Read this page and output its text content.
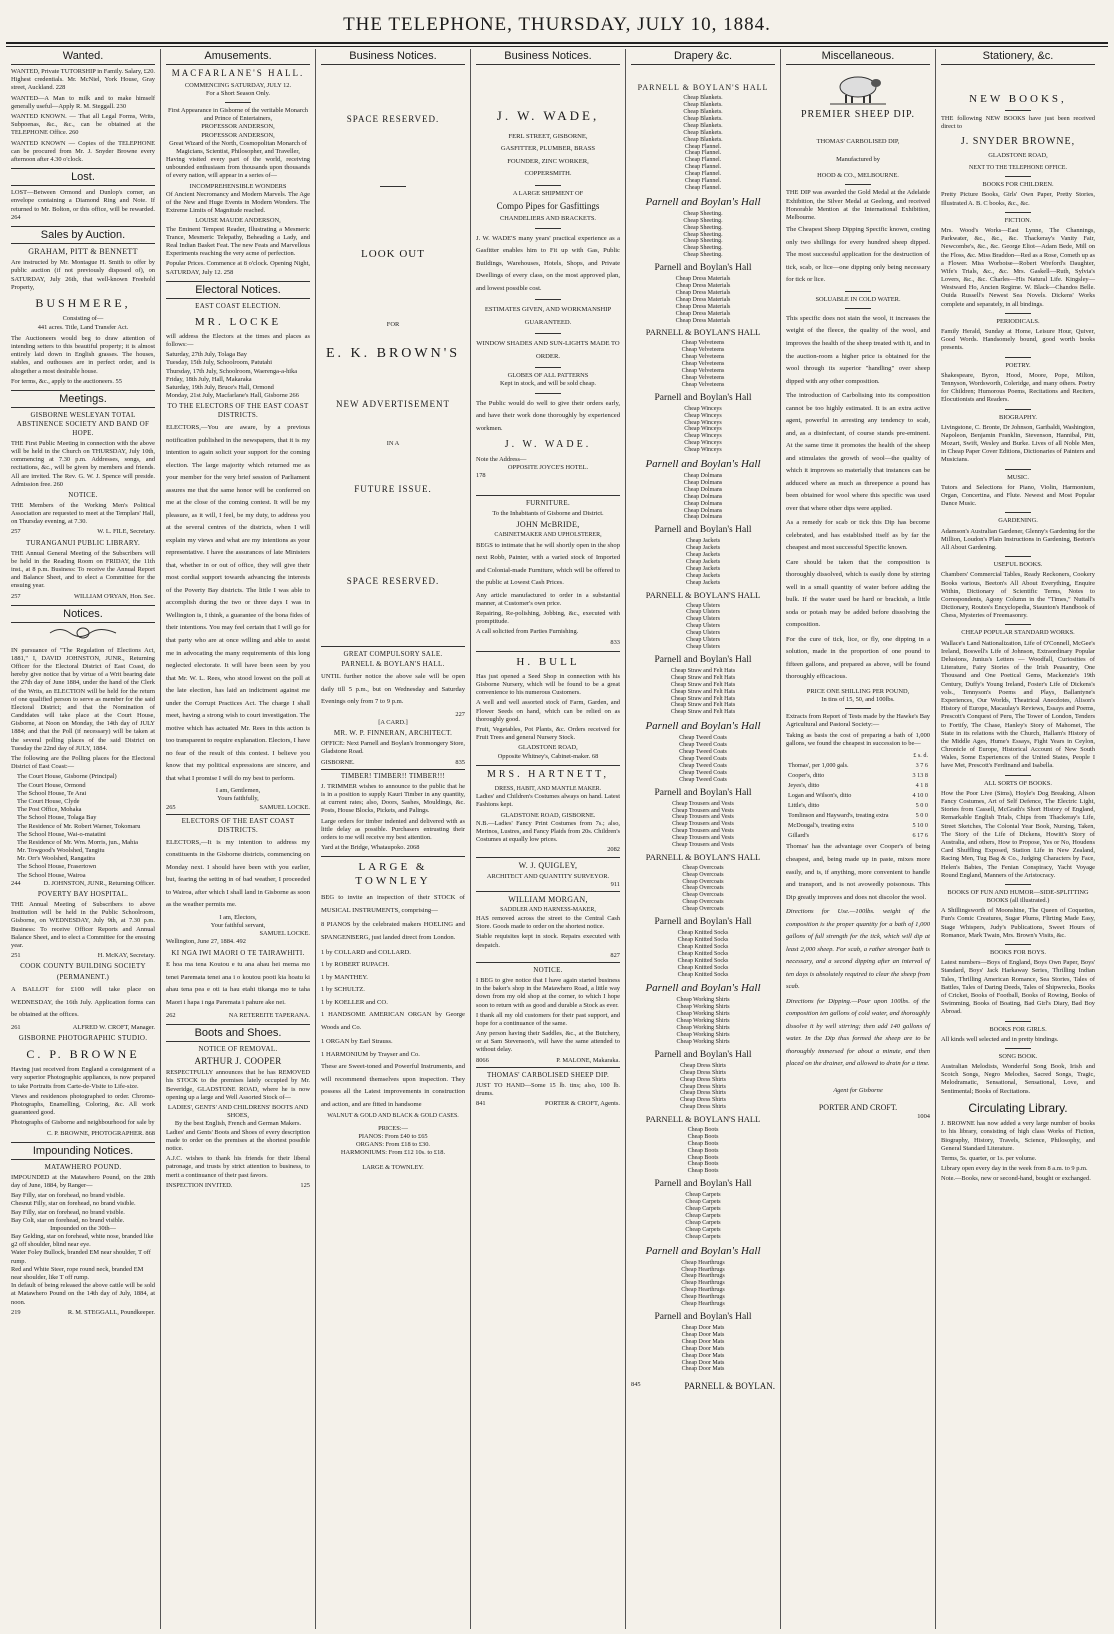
THE TELEPHONE, THURSDAY, JULY 10, 1884.
Wanted.
WANTED, Private TUTORSHIP in Family. Salary, £20. Highest credentials. Mr. McNiel, York House, Gray street, Auckland. 228
WANTED—A Man to milk and to make himself generally useful—Apply R. M. Steggall. 230
WANTED KNOWN. — That all Legal Forms, Writs, Subpoenas, &c., &c., can be obtained at the TELEPHONE Office. 260
WANTED KNOWN — Copies of the TELEPHONE can be procured from Mr. J. Snyder Browne every afternoon after 4.30 o'clock.
Lost.
LOST—Between Ormond and Dunlop's corner, an envelope containing a Diamond Ring and Note. If returned to Mr. Bolton, or this office, will be rewarded. 264
Sales by Auction.
GRAHAM, PITT & BENNETT
Are instructed by Mr. Montague H. Smith to offer by public auction (if not previously disposed of), on SATURDAY, July 26th, that well-known Freehold Property,
BUSHMERE,
Consisting of—
441 acres. Title, Land Transfer Act.
The Auctioneers would beg to draw attention of intending setters to this beautiful property; it is almost entirely laid down in English grasses. The houses, stables, and outhouses are in perfect order, and is altogether a most desirable house.
For terms, &c., apply to the auctioneers. 55
Meetings.
GISBORNE WESLEYAN TOTAL ABSTINENCE SOCIETY AND BAND OF HOPE.
THE First Public Meeting in connection with the above will be held in the Church on THURSDAY, July 10th, commencing at 7.30 p.m. Addresses, songs, and recitations, &c., will be given by members and friends. All are invited. The Rev. G. W. J. Spence will preside. Admission free. 260
NOTICE.
THE Members of the Working Men's Political Association are requested to meet at the Templars' Hall, on Thursday evening, at 7.30.
257	W. L. FILE, Secretary.
TURANGANUI PUBLIC LIBRARY.
THE Annual General Meeting of the Subscribers will be held in the Reading Room on FRIDAY, the 11th inst., at 8 p.m. Business: To receive the Annual Report and Balance Sheet, and to elect a Committee for the ensuing year.
257	WILLIAM O'RYAN, Hon. Sec.
Notices.
IN pursuance of "The Regulation of Elections Act, 1881," I, DAVID JOHNSTON, JUNR., Returning Officer for the Electoral District of East Coast, do hereby give notice that by virtue of a Writ bearing date the 27th day of June 1884, under the hand of the Clerk of the Writs, an ELECTION will be held for the return of one qualified person to serve as member for the said Electoral District; and that the Nomination of Candidates will take place at the Court House, Gisborne, at Noon on Monday, the 14th day of JULY 1884; and that the Poll (if necessary) will be taken at the several polling places of the said District on Tuesday the 22nd day of JULY, 1884.
The following are the Polling places for the Electoral District of East Coast:—
The Court House, Gisborne (Principal)
The Court House, Ormond
The School House, Te Arai
The Court House, Clyde
The Post Office, Mohaka
The School House, Tolaga Bay
The Residence of Mr. Robert Warner, Tokomaru
The School House, Wai-o-matatini
The Residence of Mr. Wm. Morris, jun., Mahia
Mr. Towgood's Woolshed, Tangitu
Mr. Orr's Woolshed, Rangatira
The School House, Frasertown
The School House, Wairoa
244	D. JOHNSTON, JUNR., Returning Officer.
POVERTY BAY HOSPITAL.
THE Annual Meeting of Subscribers to above Institution will be held in the Public Schoolroom, Gisborne, on WEDNESDAY, July 9th, at 7.30 p.m. Business: To receive Officer Reports and Annual Balance Sheet, and to elect a Committee for the ensuing year.
251	H. McKAY, Secretary.
COOK COUNTY BUILDING SOCIETY
(PERMANENT.)
A BALLOT for £100 will take place on WEDNESDAY, the 16th July. Application forms can be obtained at the offices.
261	ALFRED W. CROFT, Manager.
GISBORNE PHOTOGRAPHIC STUDIO.
C. P. BROWNE
Having just received from England a consignment of a very superior Photographic appliances, is now prepared to take Portraits from Carte-de-Visite to Life-size.
Views and residences photographed to order. Chromo-Photographs, Enamelling, Coloring, &c. All work guaranteed good.
Photographs of Gisborne and neighbourhood for sale by
C. P. BROWNE, PHOTOGRAPHER. 868
Impounding Notices.
MATAWHERO POUND.
IMPOUNDED at the Matawhero Pound, on the 28th day of June, 1884, by Ranger—
Bay Filly, star on forehead, no brand visible.
Chesnut Filly, star on forehead, no brand visible.
Bay Filly, star on forehead, no brand visible.
Bay Colt, star on forehead, no brand visible.
Impounded on the 30th—
Bay Gelding, star on forehead, white nose, branded like g2 off shoulder, blind near eye.
Water Foley Bullock, branded EM near shoulder, T off rump.
Red and White Steer, rope round neck, branded EM near shoulder, like T off rump.
In default of being released the above cattle will be sold at Matawhero Pound on the 14th day of July, 1884, at noon.
219	R. M. STEGGALL, Poundkeeper.
Amusements.
MACFARLANE'S HALL.
COMMENCING SATURDAY, JULY 12.
For a Short Season Only.
First Appearance in Gisborne of the veritable Monarch and Prince of Entertainers,
PROFESSOR ANDERSON,
PROFESSOR ANDERSON,
Great Wizard of the North, Cosmopolitan Monarch of Magicians, Scientist, Philosopher, and Traveller,
Having visited every part of the world, receiving unbounded enthusiasm from thousands upon thousands of every nation, will appear in a series of—
INCOMPREHENSIBLE WONDERS
Of Ancient Necromancy and Modern Marvels. The Age of the New and Huge Events in Modern Wonders. The Extreme Limits of Magnitude reached.
LOUISE MAUDE ANDERSON,
The Eminent Tempest Reader, Illustrating a Mesmeric Trance, Mesmeric Telepathy, Beheading a Lady, and Real Indian Basket Feat. The new Feats and Marvellous Experiments reaching the very acme of perfection.
Popular Prices. Commence at 8 o'clock. Opening Night, SATURDAY, July 12. 258
Electoral Notices.
EAST COAST ELECTION.
MR. LOCKE
will address the Electors at the times and places as follows:—
Saturday, 27th July, Tolaga Bay
Tuesday, 15th July, Schoolroom, Patutahi
Thursday, 17th July, Schoolroom, Waerenga-a-hika
Friday, 18th July, Hall, Makaraka
Saturday, 19th July, Bruce's Hall, Ormond
Monday, 21st July, Macfarlane's Hall, Gisborne 266
TO THE ELECTORS OF THE EAST COAST DISTRICTS.
ELECTORS,—You are aware, by a previous notification published in the newspapers, that it is my intention to again solicit your support for the coming election. The large majority which returned me as your member for the very brief session of Parliament assures me that the same honor will be conferred on me at the close of the coming contest. It will be my pleasure, as it will, I feel, be my duty, to address you at the several centres of the districts, when I will explain my views and what are my intentions as your representative. I have the assurances of late Ministers that, whether in or out of office, they will give their most cordial support towards advancing the interests of the Poverty Bay districts. The little I was able to accomplish during the two or three days I was in Wellington is, I think, a guarantee of the bona fides of their intentions. You may feel certain that I will go for that party who are at once willing and able to assist me in advocating the many requirements of this long neglected electorate. It will have been seen by you that Mr. W. L. Rees, who stood lowest on the poll at the late election, has laid an indictment against me under the Corrupt Practices Act. The charge I shall meet, having a strong wish to court investigation. The motive which has actuated Mr. Rees in this action is too transparent to require explanation. Electors, I have no fear of the result of this contest. I believe you know that my political expressions are sincere, and that what I promise I will do my best to perform.
I am, Gentlemen,
Yours faithfully,
265	SAMUEL LOCKE.
ELECTORS OF THE EAST COAST DISTRICTS.
ELECTORS,—It is my intention to address my constituents in the Gisborne districts, commencing on Monday next. I should have been with you earlier, but, fearing the setting in of bad weather, I proceeded to Wairoa, after which I shall land in Gisborne as soon as the weather permits me.
I am, Electors,
Your faithful servant,
SAMUEL LOCKE.
Wellington, June 27, 1884. 492
KI NGA IWI MAORI O TE TAIRAWHITI.
E hoa ma tena Koutou e tu ana ahau hei mema mo tenei Paremata tenei ana i o koutou pooti kia hoatu ki ahau tena pea e oti ia hau etahi tikanga mo te taha Maori i hapa i nga Paremata i pahure ake nei.
262	NA RETEREITE TAPERANA.
Boots and Shoes.
NOTICE OF REMOVAL.
ARTHUR J. COOPER
RESPECTFULLY announces that he has REMOVED his STOCK to the premises lately occupied by Mr. Beveridge, GLADSTONE ROAD, where he is now opening up a large and Well Assorted Stock of—
LADIES', GENTS' AND CHILDRENS' BOOTS AND SHOES,
By the best English, French and German Makers.
Ladies' and Gents' Boots and Shoes of every description made to order on the premises at the shortest possible notice.
A.J.C. wishes to thank his friends for their liberal patronage, and trusts by strict attention to business, to merit a continuance of their past favors.
INSPECTION INVITED.	125
Business Notices.
SPACE RESERVED.
LOOK OUT
FOR
E. K. BROWN'S
NEW ADVERTISEMENT
IN A
FUTURE ISSUE.
SPACE RESERVED.
GREAT COMPULSORY SALE.
PARNELL & BOYLAN'S HALL.
UNTIL further notice the above sale will be open daily till 5 p.m., but on Wednesday and Saturday Evenings only from 7 to 9 p.m.
227
[A CARD.]
MR. W. P. FINNERAN, ARCHITECT.
OFFICE: Next Parnell and Boylan's Ironmongery Store, Gladstone Road.
GISBORNE.	835
TIMBER! TIMBER!! TIMBER!!!
J. TRIMMER wishes to announce to the public that he is in a position to supply Kauri Timber in any quantity, at current rates; also, Doors, Sashes, Mouldings, &c. Posts, House Blocks, Pickets, and Palings.
Large orders for timber indented and delivered with as little delay as possible. Purchasers entrusting their orders to me will receive my best attention.
Yard at the Bridge, Whataupoko. 2068
LARGE & TOWNLEY
BEG to invite an inspection of their STOCK of MUSICAL INSTRUMENTS, comprising—
8 PIANOS by the celebrated makers HOELING and SPANGENBERG, just landed direct from London.
1 by COLLARD and COLLARD.
1 by ROBERT RUPACH.
1 by MANTHEY.
1 by SCHULTZ.
1 by KOELLER and CO.
1 HANDSOME AMERICAN ORGAN by George Woods and Co.
1 ORGAN by Earl Strauss.
1 HARMONIUM by Trayser and Co.
These are Sweet-toned and Powerful Instruments, and will recommend themselves upon inspection. They possess all the Latest improvements in construction and action, and are fitted in handsome
WALNUT & GOLD AND BLACK & GOLD CASES.
PRICES:—
PIANOS: From £40 to £65
ORGANS: From £18 to £30.
HARMONIUMS: From £12 10s. to £18.
LARGE & TOWNLEY.
Business Notices.
J. W. WADE,
FERL STREET, GISBORNE,
GASFITTER, PLUMBER, BRASS
FOUNDER, ZINC WORKER,
COPPERSMITH.
A LARGE SHIPMENT OF
Compo Pipes for Gasfittings
CHANDELIERS AND BRACKETS.
J. W. WADE'S many years' practical experience as a Gasfitter enables him to Fit up with Gas, Public Buildings, Warehouses, Hotels, Shops, and Private Dwellings of every class, on the most approved plan, and lowest possible cost.
ESTIMATES GIVEN, AND WORKMANSHIP GUARANTEED.
WINDOW SHADES AND SUN-LIGHTS MADE TO ORDER.
GLOBES OF ALL PATTERNS
Kept in stock, and will be sold cheap.
The Public would do well to give their orders early, and have their work done thoroughly by experienced workmen.
J. W. WADE.
Note the Address—
OPPOSITE JOYCE'S HOTEL.
178
FURNITURE.
To the Inhabitants of Gisborne and District.
JOHN McBRIDE,
CABINETMAKER AND UPHOLSTERER,
BEGS to intimate that he will shortly open in the shop next Robb, Painter, with a varied stock of Imported and Colonial-made Furniture, which will be offered to the public at Lowest Cash Prices.
Any article manufactured to order in a substantial manner, at Customer's own price.
Repairing, Re-polishing, Jobbing, &c., executed with promptitude.
A call solicited from Parties Furnishing.
833
H. BULL
Has just opened a Seed Shop in connection with his Gisborne Nursery, which will be found to be a great convenience to his numerous Customers.
A well and well assorted stock of Farm, Garden, and Flower Seeds on hand, which can be relied on as thoroughly good.
Fruit, Vegetables, Pot Plants, &c. Orders received for Fruit Trees and general Nursery Stock.
GLADSTONE ROAD,
Opposite Whitney's, Cabinet-maker. 68
MRS. HARTNETT,
DRESS, HABIT, AND MANTLE MAKER.
Ladies' and Children's Costumes always on hand. Latest Fashions kept.
GLADSTONE ROAD, GISBORNE.
N.B.—Ladies' Fancy Print Costumes from 7s.; also, Merinos, Lustres, and Fancy Plaids from 20s. Children's Costumes at equally low prices.
2082
W. J. QUIGLEY,
ARCHITECT AND QUANTITY SURVEYOR.
911
WILLIAM MORGAN,
SADDLER AND HARNESS-MAKER,
HAS removed across the street to the Central Cash Store. Goods made to order on the shortest notice.
Stable requisites kept in stock. Repairs executed with despatch.
827
NOTICE.
I BEG to give notice that I have again started business in the baker's shop in the Matawhero Road, a little way down from my old shop at the corner, to which I hope soon to return with as good and durable a Stock as ever.
I thank all my old customers for their past support, and hope for a continuance of the same.
Any person having their Saddles, &c., at the Butchery, or at Sam Stevenson's, will have the same attended to without delay.
8066	P. MALONE, Makaraka.
THOMAS' CARBOLISED SHEEP DIP.
JUST TO HAND—Some 15 lb. tins; also, 100 lb. drums.
841	PORTER & CROFT, Agents.
Drapery &c.
PARNELL & BOYLAN'S HALL
Cheap Blankets.
Cheap Blankets.
Cheap Blankets.
Cheap Blankets.
Cheap Blankets.
Cheap Blankets.
Cheap Blankets.
Cheap Flannel.
Cheap Flannel.
Cheap Flannel.
Cheap Flannel.
Cheap Flannel.
Cheap Flannel.
Cheap Flannel.
Parnell and Boylan's Hall
Cheap Sheeting.
Cheap Sheeting.
Cheap Sheeting.
Cheap Sheeting.
Cheap Sheeting.
Cheap Sheeting.
Cheap Sheeting.
Parnell and Boylan's Hall
Cheap Dress Materials
Cheap Dress Materials
Cheap Dress Materials
Cheap Dress Materials
Cheap Dress Materials
Cheap Dress Materials
Cheap Dress Materials
PARNELL & BOYLAN'S HALL
Cheap Velveteens
Cheap Velveteens
Cheap Velveteens
Cheap Velveteens
Cheap Velveteens
Cheap Velveteens
Cheap Velveteens
Parnell and Boylan's Hall
Cheap Winceys
Cheap Winceys
Cheap Winceys
Cheap Winceys
Cheap Winceys
Cheap Winceys
Cheap Winceys
Parnell and Boylan's Hall
Cheap Dolmans
Cheap Dolmans
Cheap Dolmans
Cheap Dolmans
Cheap Dolmans
Cheap Dolmans
Cheap Dolmans
Parnell and Boylan's Hall
Cheap Jackets
Cheap Jackets
Cheap Jackets
Cheap Jackets
Cheap Jackets
Cheap Jackets
Cheap Jackets
PARNELL & BOYLAN'S HALL
Cheap Ulsters
Cheap Ulsters
Cheap Ulsters
Cheap Ulsters
Cheap Ulsters
Cheap Ulsters
Cheap Ulsters
Parnell and Boylan's Hall
Cheap Straw and Felt Hats
Cheap Straw and Felt Hats
Cheap Straw and Felt Hats
Cheap Straw and Felt Hats
Cheap Straw and Felt Hats
Cheap Straw and Felt Hats
Cheap Straw and Felt Hats
Parnell and Boylan's Hall
Cheap Tweed Coats
Cheap Tweed Coats
Cheap Tweed Coats
Cheap Tweed Coats
Cheap Tweed Coats
Cheap Tweed Coats
Cheap Tweed Coats
Parnell and Boylan's Hall
Cheap Trousers and Vests
Cheap Trousers and Vests
Cheap Trousers and Vests
Cheap Trousers and Vests
Cheap Trousers and Vests
Cheap Trousers and Vests
Cheap Trousers and Vests
PARNELL & BOYLAN'S HALL
Cheap Overcoats
Cheap Overcoats
Cheap Overcoats
Cheap Overcoats
Cheap Overcoats
Cheap Overcoats
Cheap Overcoats
Parnell and Boylan's Hall
Cheap Knitted Socks
Cheap Knitted Socks
Cheap Knitted Socks
Cheap Knitted Socks
Cheap Knitted Socks
Cheap Knitted Socks
Cheap Knitted Socks
Parnell and Boylan's Hall
Cheap Working Shirts
Cheap Working Shirts
Cheap Working Shirts
Cheap Working Shirts
Cheap Working Shirts
Cheap Working Shirts
Cheap Working Shirts
Parnell and Boylan's Hall
Cheap Dress Shirts
Cheap Dress Shirts
Cheap Dress Shirts
Cheap Dress Shirts
Cheap Dress Shirts
Cheap Dress Shirts
Cheap Dress Shirts
PARNELL & BOYLAN'S HALL
Cheap Boots
Cheap Boots
Cheap Boots
Cheap Boots
Cheap Boots
Cheap Boots
Cheap Boots
Parnell and Boylan's Hall
Cheap Carpets
Cheap Carpets
Cheap Carpets
Cheap Carpets
Cheap Carpets
Cheap Carpets
Cheap Carpets
Parnell and Boylan's Hall
Cheap Hearthrugs
Cheap Hearthrugs
Cheap Hearthrugs
Cheap Hearthrugs
Cheap Hearthrugs
Cheap Hearthrugs
Cheap Hearthrugs
Parnell and Boylan's Hall
Cheap Door Mats
Cheap Door Mats
Cheap Door Mats
Cheap Door Mats
Cheap Door Mats
Cheap Door Mats
Cheap Door Mats
845	PARNELL & BOYLAN.
Miscellaneous.
PREMIER SHEEP DIP.
THOMAS' CARBOLISED DIP,
Manufactured by
HOOD & CO., MELBOURNE.
THE DIP was awarded the Gold Medal at the Adelaide Exhibition, the Silver Medal at Geelong, and received Honorable Mention at the International Exhibition, Melbourne.
The Cheapest Sheep Dipping Specific known, costing only two shillings for every hundred sheep dipped. The most successful application for the destruction of tick, scab, or lice—one dipping only being necessary for tick or lice.
SOLUABLE IN COLD WATER.
This specific does not stain the wool, it increases the weight of the fleece, the quality of the wool, and improves the health of the sheep treated with it, and in the auction-room a higher price is obtained for the wool through its superior "handling" over sheep dipped with any other composition.
The introduction of Carbolising into its composition cannot be too highly estimated. It is an extra active agent, powerful in arresting any tendency to scab, and, as a disinfectant, of course stands pre-eminent. At the same time it promotes the health of the sheep and stimulates the growth of wool—the quality of which it improves so materially that instances can be adduced where as much as threepence a pound has been obtained for wool where this specific was used over that where other dips were applied.
As a remedy for scab or tick this Dip has become celebrated, and has established itself as by far the cheapest and most successful Specific known.
Care should be taken that the composition is thoroughly dissolved, which is easily done by stirring well in a small quantity of water before adding the bulk. If the water used be hard or brackish, a little soda or potash may be added before dissolving the composition.
For the cure of tick, lice, or fly, one dipping in a solution, made in the proportion of one pound to fifteen gallons, and prepared as above, will be found thoroughly efficacious.
PRICE ONE SHILLING PER POUND,
In tins of 15, 50, and 100lbs.
Extracts from Report of Tests made by the Hawke's Bay Agricultural and Pastoral Society:—
Taking as basis the cost of preparing a bath of 1,000 gallons, we found the cheapest in succession to be—
	£ s. d.
Thomas', per 1,000 gals.	3 7 6
Cooper's, ditto	3 13 8
Jeyes's, ditto	4 1 8
Logan and Wilson's, ditto	4 10 0
Little's, ditto	5 0 0
Tomlinson and Hayward's, treating extra	5 0 0
McDougal's, treating extra	5 10 0
Gillard's	6 17 6
Thomas' has the advantage over Cooper's of being cheapest, and, being made up in paste, mixes more easily, and is, if anything, more convenient to handle and transport, and is not avowedly poisonous. This Dip greatly improves and does not discolor the wool.
Directions for Use.—100lbs. weight of the composition is the proper quantity for a bath of 1,000 gallons of full strength for the tick, which will dip at least 2,000 sheep. For scab, a rather stronger bath is necessary, and a second dipping after an interval of ten days is absolutely required to clear the sheep from scab.
Directions for Dipping.—Pour upon 100lbs. of the composition ten gallons of cold water, and thoroughly dissolve it by well stirring; then add 140 gallons of water. In the Dip thus formed the sheep are to be thoroughly immersed for about a minute, and then placed on the drainer, and allowed to drain for a time.
Agent for Gisborne
PORTER AND CROFT.
1004
Stationery, &c.
NEW BOOKS,
THE following NEW BOOKS have just been received direct to
J. SNYDER BROWNE,
GLADSTONE ROAD,
NEXT TO THE TELEPHONE OFFICE.
BOOKS FOR CHILDREN.
Pretty Picture Books, Girls' Own Paper, Pretty Stories, Illustrated A. B. C books, &c., &c.
FICTION.
Mrs. Wood's Works—East Lynne, The Channings, Parkwater, &c., &c., &c. Thackeray's Vanity Fair, Newcombe's, &c., &c. George Eliot—Adam Bede, Mill on the Floss, &c. Miss Braddon—Red as a Rose, Cometh up as a Flower. Miss Worboise—Robert Wreford's Daughter, Wife's Trials, &c., &c. Mrs. Gaskell—Ruth, Sylvia's Lovers, &c., &c. Charles—His Natural Life. Kingsley—Westward Ho, Ancien Regime. W. Black—Chandos Belle. Ouida Russell's Newest Sea Novels. Dickens' Works complete and separately, in all bindings.
PERIODICALS.
Family Herald, Sunday at Home, Leisure Hour, Quiver, Good Words. Handsomely bound, good worth books presents.
POETRY.
Shakespeare, Byron, Hood, Moore, Pope, Milton, Tennyson, Wordsworth, Coleridge, and many others. Poetry for Children; Humorous Poems, Recitations and Reciters, Elocutionists and Readers.
BIOGRAPHY.
Livingstone, C. Bronte, Dr Johnson, Garibaldi, Washington, Napoleon, Benjamin Franklin, Stevenson, Hannibal, Pitt, Mozart, Swift, Wesley and Burke. Lives of all Noble Men, in Cheap Paper Cover Editions, Dictionaries of Painters and Musicians.
MUSIC.
Tutors and Selections for Piano, Violin, Harmonium, Organ, Concertina, and Flute. Newest and Most Popular Dance Music.
GARDENING.
Adamson's Australian Gardener, Glenny's Gardening for the Million, Loudon's Plain Instructions in Gardening, Beeton's All About Gardening.
USEFUL BOOKS.
Chambers' Commercial Tables, Ready Reckoners, Cookery Books various, Beeton's All About Everything, Enquire Within, Dictionary of Scientific Terms, Notes to Correspondents, Agony Column in the "Times," Nuttall's Dictionary, Routes's Encyclopedia, Staunton's Handbook of Chess, Mysteries of Freemasonry.
CHEAP POPULAR STANDARD WORKS.
Wallace's Land Nationalization, Life of O'Connell, McGee's Ireland, Boswell's Life of Johnson, Extraordinary Popular Delusions, Junius's Letters — Woodfall, Curiosities of Literature, Fairy Stories of the Irish Peasantry, One Thousand and One Poetical Gems, Mackenzie's 19th Century, Duffy's Young Ireland, Foster's Life of Dickens's vols., Tennyson's Poems and Plays, Ballantyne's Experiences, Our Worlds, Theatrical Anecdotes, Alison's History of Europe, Macaulay's Reviews, Essays and Poems, Prescott's Conquest of Peru, The Tower of London, Tenders to Fortify, The Chase, Hanley's Story of Mahomet, The State in its relations with the Church, Hallam's History of the Middle Ages, Hume's Essays, Fight Years in Ceylon, Chronicle of Europe, Historical Account of New South Wales, Some Experiences of the United States, People I have Met, Prescott's Ferdinand and Isabella.
ALL SORTS OF BOOKS.
How the Poor Live (Sims), Hoyle's Dog Breaking, Alison Fancy Costumes, Art of Self Defence, The Electric Light, Stories from Cassell, McGrath's Short History of England, Remarkable English Trials, Chips from Thackeray's Life, Street Sketches, The Colonial Year Book, Nursing, Taken, The Story of the Life of Dickens, Howitt's Story of Australia, and others, How to Propose, Yes or No, Houdens Card Shuffling Exposed, Station Life in New Zealand, Racing Men, Tug Bag & Co., Judging Characters by Face, Helen's Babies, The Fenian Conspiracy, Yacht Voyage Round England, Manners of the Aristocracy.
BOOKS OF FUN AND HUMOR—SIDE-SPLITTING BOOKS (all illustrated.)
A Shillingsworth of Moonshine, The Queen of Coquettes, Fun's Comic Creatures, Sugar Plums, Flirting Made Easy, Stage Whispers, Judy's Publications, Sweet Hours of Romance, Mark Twain, Mrs. Brown's Visits, &c.
BOOKS FOR BOYS.
Latest numbers—Boys of England, Boys Own Paper, Boys' Standard, Boys' Jack Harkaway Series, Thrilling Indian Tales, Thrilling American Romance, Sea Stories, Tales of Battles, Tales of Daring Deeds, Tales of Shipwrecks, Books of Cricket, Books of Football, Books of Rowing, Books of Swimming, Books of Boating, Bad Girl's Diary, Bad Boy Abroad.
BOOKS FOR GIRLS.
All kinds well selected and in pretty bindings.
SONG BOOK.
Australian Melodists, Wonderful Song Book, Irish and Scotch Songs, Negro Melodies, Sacred Songs, Tragic, Melodramatic, Sensational, Sensational, Love, and Sentimental; Books of Recitations.
Circulating Library.
J. BROWNE has now added a very large number of books to his library, consisting of high class Works of Fiction, Biography, History, Travels, Science, Philosophy, and General Standard Literature.
Terms, 5s. quarter, or 1s. per volume.
Library open every day in the week from 8 a.m. to 9 p.m.
Note.—Books, new or second-hand, bought or exchanged.
